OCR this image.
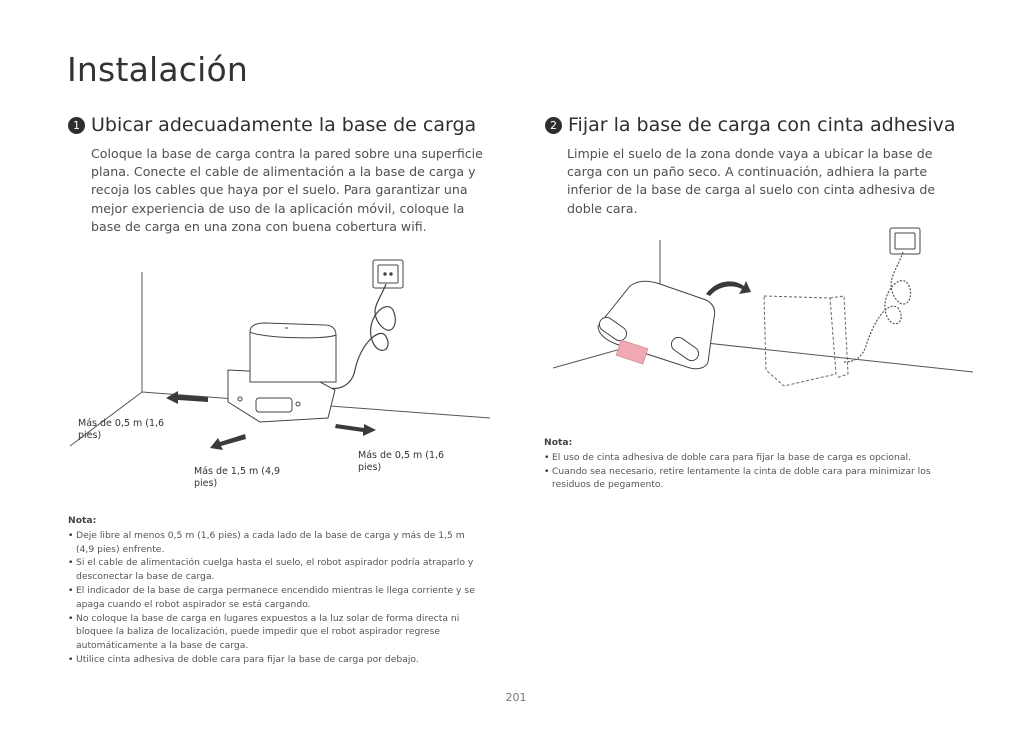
Instalación
1 Ubicar adecuadamente la base de carga

Coloque la base de carga contra la pared sobre una superficie plana. Conecte el cable de alimentación a la base de carga y recoja los cables que haya por el suelo. Para garantizar una mejor experiencia de uso de la aplicación móvil, coloque la base de carga en una zona con buena cobertura wifi.

2 Fijar la base de carga con cinta adhesiva

Limpie el suelo de la zona donde vaya a ubicar la base de carga con un paño seco. A continuación, adhiera la parte inferior de la base de carga al suelo con cinta adhesiva de doble cara.

Más de 0,5 m (1,6 pies)
Más de 1,5 m (4,9 pies)
Más de 0,5 m (1,6 pies)
Nota:
• Deje libre al menos 0,5 m (1,6 pies) a cada lado de la base de carga y más de 1,5 m (4,9 pies) enfrente.
• Si el cable de alimentación cuelga hasta el suelo, el robot aspirador podría atraparlo y desconectar la base de carga.
• El indicador de la base de carga permanece encendido mientras le llega corriente y se apaga cuando el robot aspirador se está cargando.
• No coloque la base de carga en lugares expuestos a la luz solar de forma directa ni bloquee la baliza de localización, puede impedir que el robot aspirador regrese automáticamente a la base de carga.
• Utilice cinta adhesiva de doble cara para fijar la base de carga por debajo.
Nota:
• El uso de cinta adhesiva de doble cara para fijar la base de carga es opcional.
• Cuando sea necesario, retire lentamente la cinta de doble cara para minimizar los residuos de pegamento.
201
